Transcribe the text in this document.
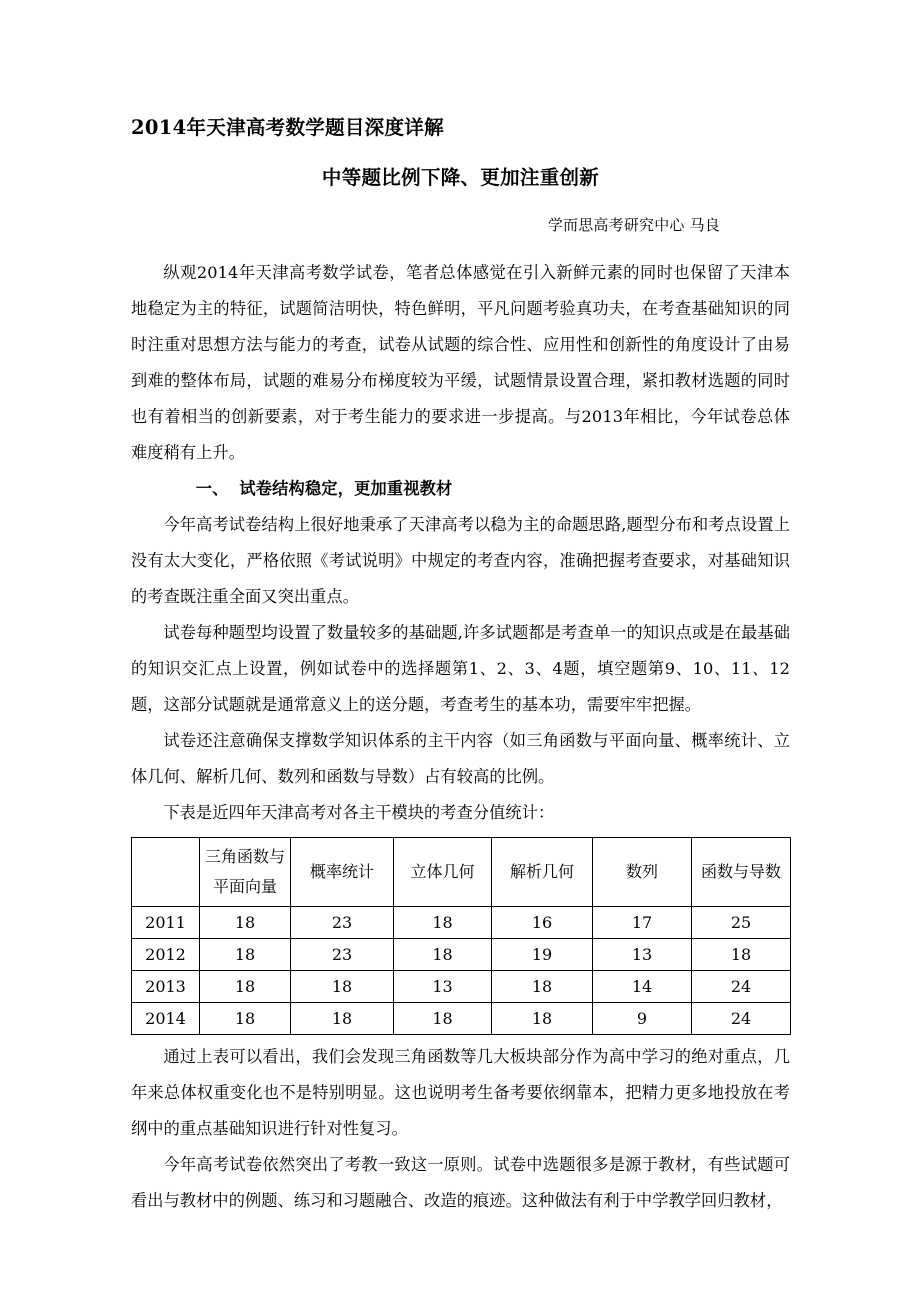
2014年天津高考数学题目深度详解
中等题比例下降、更加注重创新
学而思高考研究中心 马良

纵观2014年天津高考数学试卷，笔者总体感觉在引入新鲜元素的同时也保留了天津本地稳定为主的特征，试题简洁明快，特色鲜明，平凡问题考验真功夫，在考查基础知识的同时注重对思想方法与能力的考查，试卷从试题的综合性、应用性和创新性的角度设计了由易到难的整体布局，试题的难易分布梯度较为平缓，试题情景设置合理，紧扣教材选题的同时也有着相当的创新要素，对于考生能力的要求进一步提高。与2013年相比，今年试卷总体难度稍有上升。

一、 试卷结构稳定，更加重视教材

今年高考试卷结构上很好地秉承了天津高考以稳为主的命题思路,题型分布和考点设置上没有太大变化，严格依照《考试说明》中规定的考查内容，准确把握考查要求，对基础知识的考查既注重全面又突出重点。

试卷每种题型均设置了数量较多的基础题,许多试题都是考查单一的知识点或是在最基础的知识交汇点上设置，例如试卷中的选择题第1、2、3、4题，填空题第9、10、11、12题，这部分试题就是通常意义上的送分题，考查考生的基本功，需要牢牢把握。

试卷还注意确保支撑数学知识体系的主干内容（如三角函数与平面向量、概率统计、立体几何、解析几何、数列和函数与导数）占有较高的比例。

下表是近四年天津高考对各主干模块的考查分值统计：

	三角函数与
平面向量	概率统计	立体几何	解析几何	数列	函数与导数
2011	18	23	18	16	17	25
2012	18	23	18	19	13	18
2013	18	18	13	18	14	24
2014	18	18	18	18	9	24

通过上表可以看出，我们会发现三角函数等几大板块部分作为高中学习的绝对重点，几年来总体权重变化也不是特别明显。这也说明考生备考要依纲靠本，把精力更多地投放在考纲中的重点基础知识进行针对性复习。

今年高考试卷依然突出了考教一致这一原则。试卷中选题很多是源于教材，有些试题可看出与教材中的例题、练习和习题融合、改造的痕迹。这种做法有利于中学教学回归教材，
